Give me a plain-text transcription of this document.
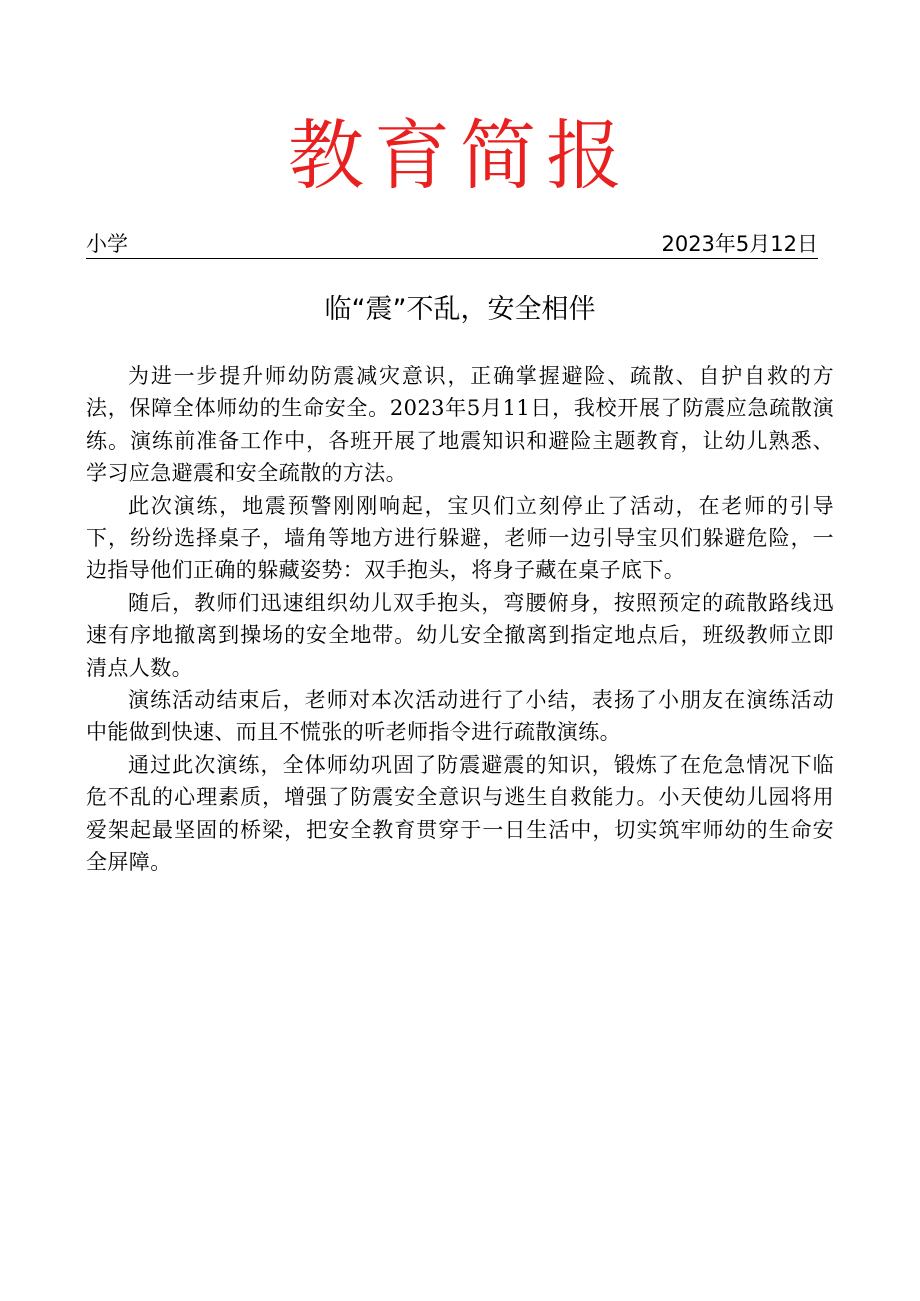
教育简报
小学	2023年5月12日
临“震”不乱，安全相伴

为进一步提升师幼防震减灾意识，正确掌握避险、疏散、自护自救的方法，保障全体师幼的生命安全。2023年5月11日，我校开展了防震应急疏散演练。演练前准备工作中，各班开展了地震知识和避险主题教育，让幼儿熟悉、学习应急避震和安全疏散的方法。

此次演练，地震预警刚刚响起，宝贝们立刻停止了活动，在老师的引导下，纷纷选择桌子，墙角等地方进行躲避，老师一边引导宝贝们躲避危险，一边指导他们正确的躲藏姿势：双手抱头，将身子藏在桌子底下。

随后，教师们迅速组织幼儿双手抱头，弯腰俯身，按照预定的疏散路线迅速有序地撤离到操场的安全地带。幼儿安全撤离到指定地点后，班级教师立即清点人数。

演练活动结束后，老师对本次活动进行了小结，表扬了小朋友在演练活动中能做到快速、而且不慌张的听老师指令进行疏散演练。

通过此次演练，全体师幼巩固了防震避震的知识，锻炼了在危急情况下临危不乱的心理素质，增强了防震安全意识与逃生自救能力。小天使幼儿园将用爱架起最坚固的桥梁，把安全教育贯穿于一日生活中，切实筑牢师幼的生命安全屏障。
